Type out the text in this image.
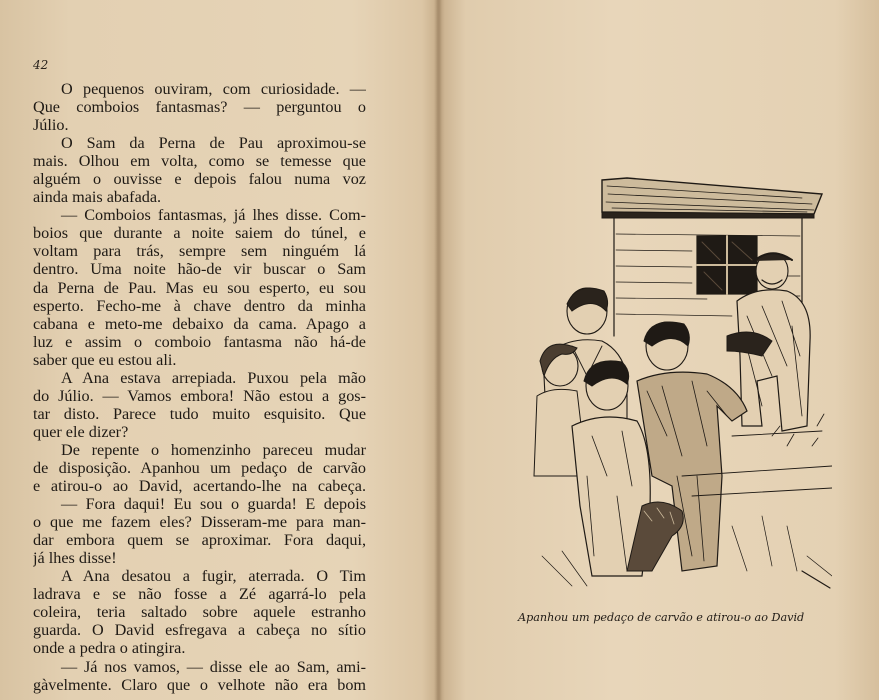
42
O pequenos ouviram, com curiosidade. —
Que comboios fantasmas? — perguntou o
Júlio.
O Sam da Perna de Pau aproximou-se
mais. Olhou em volta, como se temesse que
alguém o ouvisse e depois falou numa voz
ainda mais abafada.
— Comboios fantasmas, já lhes disse. Com-
boios que durante a noite saiem do túnel, e
voltam para trás, sempre sem ninguém lá
dentro. Uma noite hão-de vir buscar o Sam
da Perna de Pau. Mas eu sou esperto, eu sou
esperto. Fecho-me à chave dentro da minha
cabana e meto-me debaixo da cama. Apago a
luz e assim o comboio fantasma não há-de
saber que eu estou ali.
A Ana estava arrepiada. Puxou pela mão
do Júlio. — Vamos embora! Não estou a gos-
tar disto. Parece tudo muito esquisito. Que
quer ele dizer?
De repente o homenzinho pareceu mudar
de disposição. Apanhou um pedaço de carvão
e atirou-o ao David, acertando-lhe na cabeça.
— Fora daqui! Eu sou o guarda! E depois
o que me fazem eles? Disseram-me para man-
dar embora quem se aproximar. Fora daqui,
já lhes disse!
A Ana desatou a fugir, aterrada. O Tim
ladrava e se não fosse a Zé agarrá-lo pela
coleira, teria saltado sobre aquele estranho
guarda. O David esfregava a cabeça no sítio
onde a pedra o atingira.
— Já nos vamos, — disse ele ao Sam, ami-
gàvelmente. Claro que o velhote não era bom
Apanhou um pedaço de carvão e atirou-o ao David
